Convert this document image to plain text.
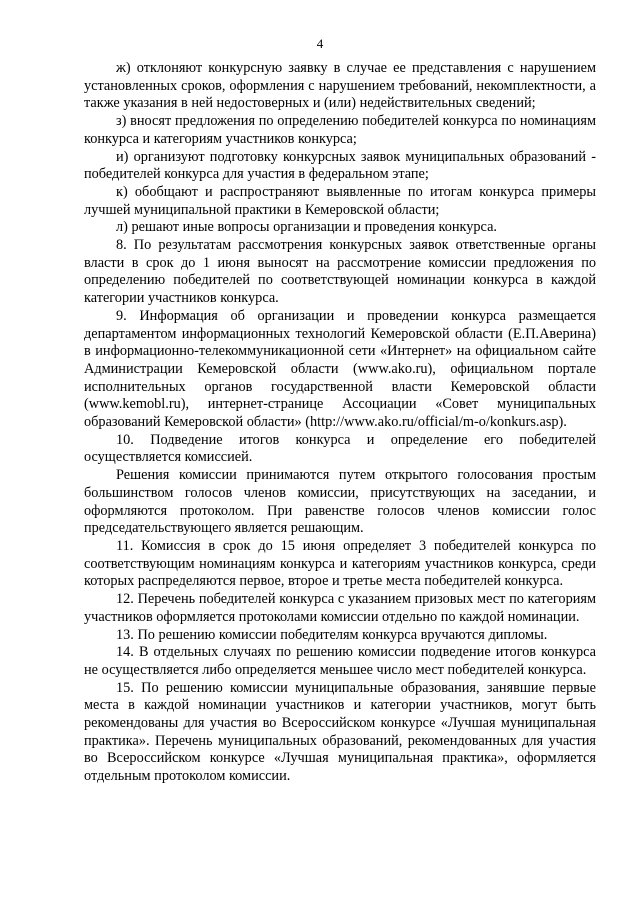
4

ж) отклоняют конкурсную заявку в случае ее представления с нарушением установленных сроков, оформления с нарушением требований, некомплектности, а также указания в ней недостоверных и (или) недействительных сведений;

з) вносят предложения по определению победителей конкурса по номинациям конкурса и категориям участников конкурса;

и) организуют подготовку конкурсных заявок муниципальных образований - победителей конкурса для участия в федеральном этапе;

к) обобщают и распространяют выявленные по итогам конкурса примеры лучшей муниципальной практики в Кемеровской области;

л) решают иные вопросы организации и проведения конкурса.

8. По результатам рассмотрения конкурсных заявок ответственные органы власти в срок до 1 июня выносят на рассмотрение комиссии предложения по определению победителей по соответствующей номинации конкурса в каждой категории участников конкурса.

9. Информация об организации и проведении конкурса размещается департаментом информационных технологий Кемеровской области (Е.П.Аверина) в информационно-телекоммуникационной сети «Интернет» на официальном сайте Администрации Кемеровской области (www.ako.ru), официальном портале исполнительных органов государственной власти Кемеровской области (www.kemobl.ru), интернет-странице Ассоциации «Совет муниципальных образований Кемеровской области» (http://www.ako.ru/official/m-o/konkurs.asp).

10. Подведение итогов конкурса и определение его победителей осуществляется комиссией.

Решения комиссии принимаются путем открытого голосования простым большинством голосов членов комиссии, присутствующих на заседании, и оформляются протоколом. При равенстве голосов членов комиссии голос председательствующего является решающим.

11. Комиссия в срок до 15 июня определяет 3 победителей конкурса по соответствующим номинациям конкурса и категориям участников конкурса, среди которых распределяются первое, второе и третье места победителей конкурса.

12. Перечень победителей конкурса с указанием призовых мест по категориям участников оформляется протоколами комиссии отдельно по каждой номинации.

13. По решению комиссии победителям конкурса вручаются дипломы.

14. В отдельных случаях по решению комиссии подведение итогов конкурса не осуществляется либо определяется меньшее число мест победителей конкурса.

15. По решению комиссии муниципальные образования, занявшие первые места в каждой номинации участников и категории участников, могут быть рекомендованы для участия во Всероссийском конкурсе «Лучшая муниципальная практика». Перечень муниципальных образований, рекомендованных для участия во Всероссийском конкурсе «Лучшая муниципальная практика», оформляется отдельным протоколом комиссии.
